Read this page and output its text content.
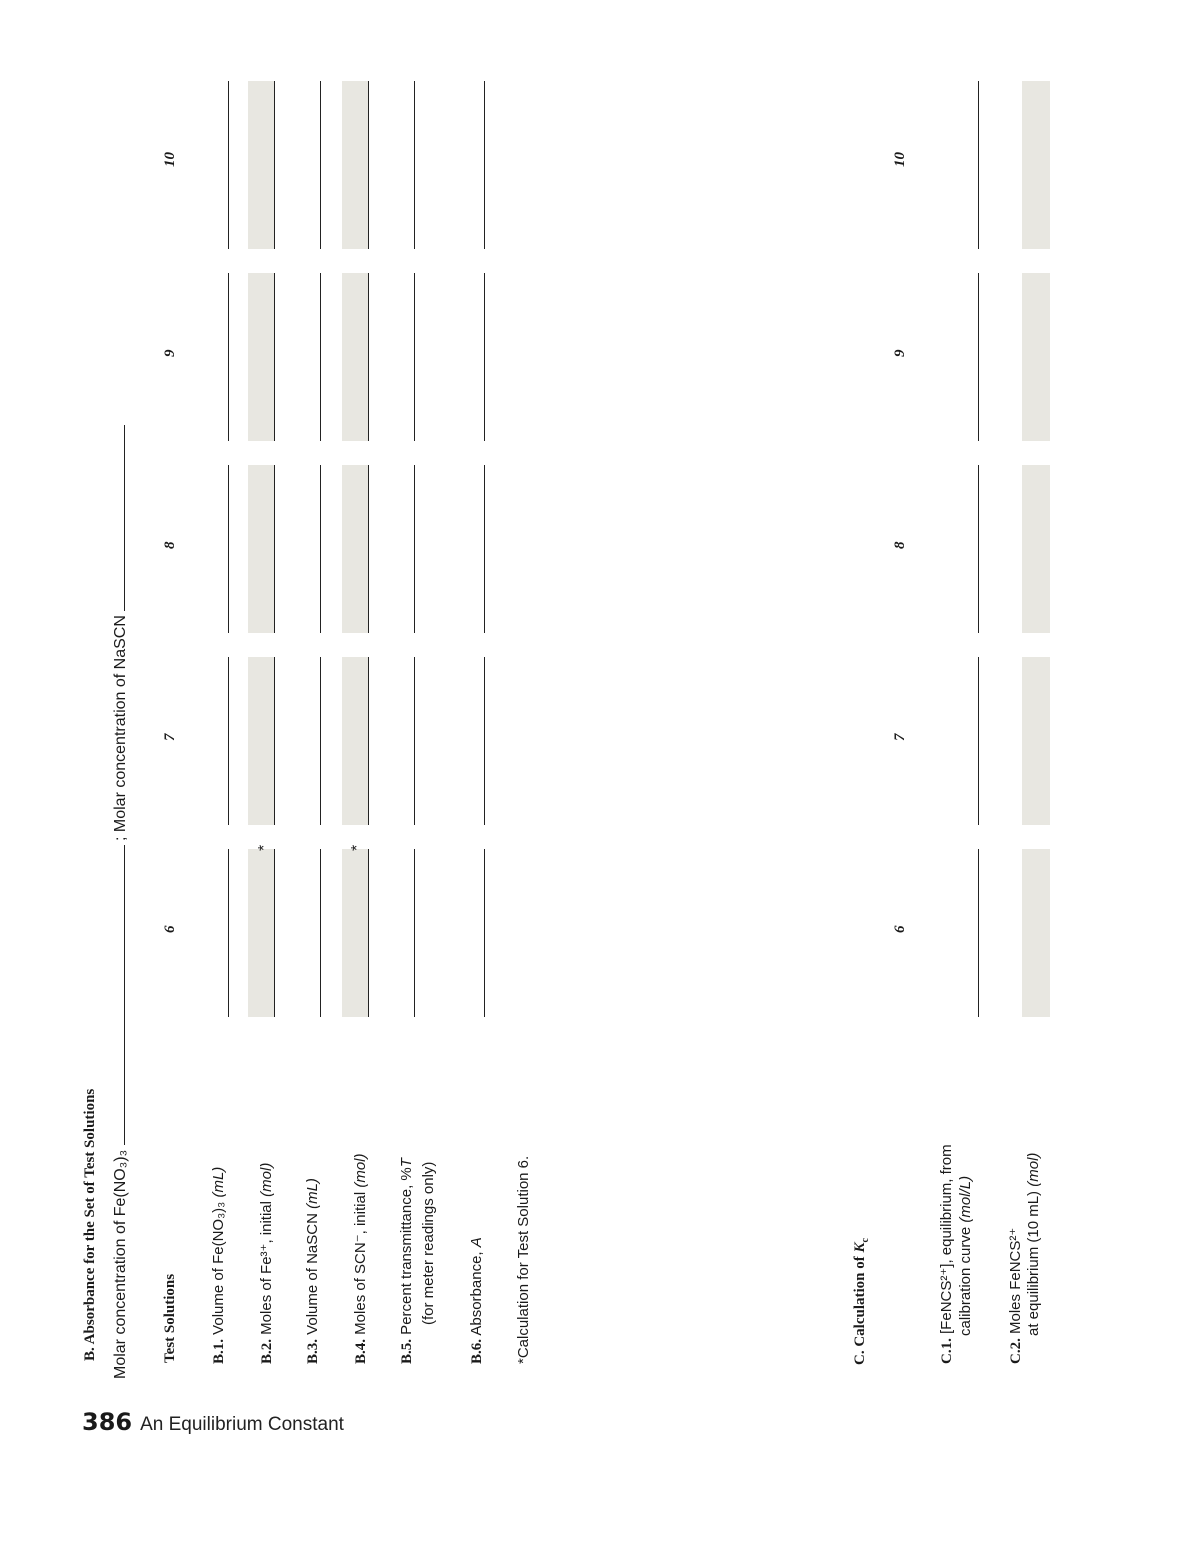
386 An Equilibrium Constant
B. Absorbance for the Set of Test Solutions Molar concentration of Fe(NO₃)₃  ; Molar concentration of NaSCN
Test Solutions
6
7
8
9
10
B.1. Volume of Fe(NO₃)₃ (mL)
B.2. Moles of Fe³⁺, initial (mol)
B.3. Volume of NaSCN (mL)
B.4. Moles of SCN⁻, initial (mol)
B.5. Percent transmittance, %T (for meter readings only)
B.6. Absorbance, A
*	*
*Calculation for Test Solution 6.	C. Calculation of $K_c$
6
7
8
9
10
C.1. [FeNCS²⁺], equilibrium, from calibration curve (mol/L)
C.2. Moles FeNCS²⁺ at equilibrium (10 mL) (mol)
